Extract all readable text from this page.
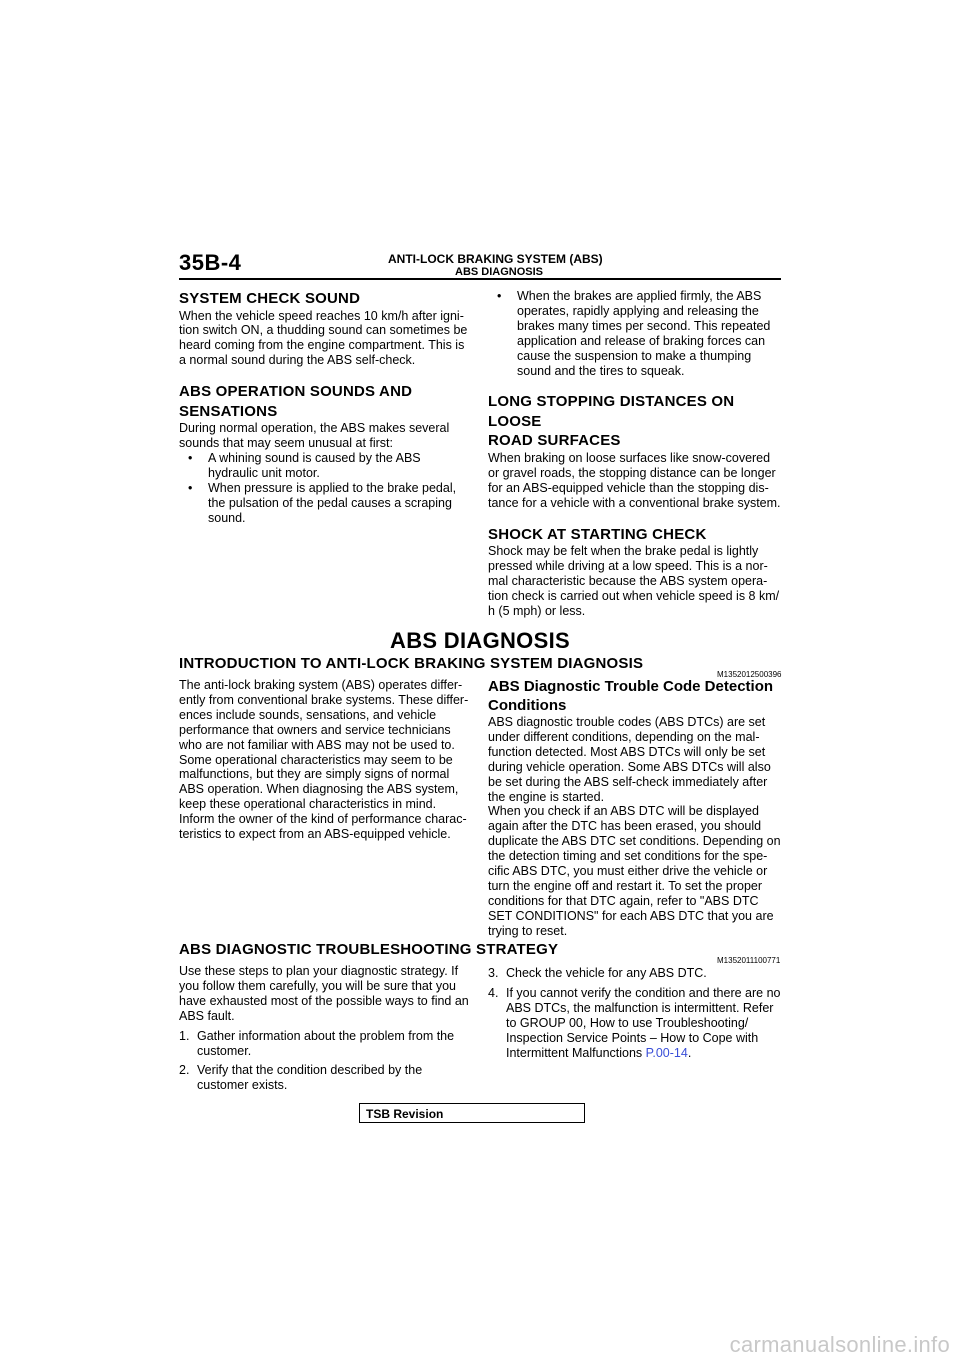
35B-4	ANTI-LOCK BRAKING SYSTEM (ABS)
ABS DIAGNOSIS
SYSTEM CHECK SOUND

When the vehicle speed reaches 10 km/h after igni-tion switch ON, a thudding sound can sometimes be heard coming from the engine compartment. This is a normal sound during the ABS self-check.

ABS OPERATION SOUNDS AND
SENSATIONS

During normal operation, the ABS makes several sounds that may seem unusual at first:

• A whining sound is caused by the ABS hydraulic unit motor.
• When pressure is applied to the brake pedal, the pulsation of the pedal causes a scraping sound.
• When the brakes are applied firmly, the ABS operates, rapidly applying and releasing the brakes many times per second. This repeated application and release of braking forces can cause the suspension to make a thumping sound and the tires to squeak.
LONG STOPPING DISTANCES ON LOOSE
ROAD SURFACES

When braking on loose surfaces like snow-covered or gravel roads, the stopping distance can be longer for an ABS-equipped vehicle than the stopping dis-tance for a vehicle with a conventional brake system.

SHOCK AT STARTING CHECK

Shock may be felt when the brake pedal is lightly pressed while driving at a low speed. This is a nor-mal characteristic because the ABS system opera-tion check is carried out when vehicle speed is 8 km/ h (5 mph) or less.

ABS DIAGNOSIS
INTRODUCTION TO ANTI-LOCK BRAKING SYSTEM DIAGNOSIS
M1352012500396

The anti-lock braking system (ABS) operates differ-ently from conventional brake systems. These differ-ences include sounds, sensations, and vehicle performance that owners and service technicians who are not familiar with ABS may not be used to. Some operational characteristics may seem to be malfunctions, but they are simply signs of normal ABS operation. When diagnosing the ABS system, keep these operational characteristics in mind. Inform the owner of the kind of performance charac-teristics to expect from an ABS-equipped vehicle.

ABS Diagnostic Trouble Code Detection
Conditions

ABS diagnostic trouble codes (ABS DTCs) are set under different conditions, depending on the mal-function detected. Most ABS DTCs will only be set during vehicle operation. Some ABS DTCs will also be set during the ABS self-check immediately after the engine is started.

When you check if an ABS DTC will be displayed again after the DTC has been erased, you should duplicate the ABS DTC set conditions. Depending on the detection timing and set conditions for the spe-cific ABS DTC, you must either drive the vehicle or turn the engine off and restart it. To set the proper conditions for that DTC again, refer to "ABS DTC SET CONDITIONS" for each ABS DTC that you are trying to reset.

ABS DIAGNOSTIC TROUBLESHOOTING STRATEGY
M1352011100771

Use these steps to plan your diagnostic strategy. If you follow them carefully, you will be sure that you have exhausted most of the possible ways to find an ABS fault.

1. Gather information about the problem from the customer.
2. Verify that the condition described by the customer exists.
3. Check the vehicle for any ABS DTC.
4. If you cannot verify the condition and there are no ABS DTCs, the malfunction is intermittent. Refer to GROUP 00, How to use Troubleshooting/ Inspection Service Points – How to Cope with Intermittent Malfunctions P.00-14.
TSB Revision
carmanualsonline.info
